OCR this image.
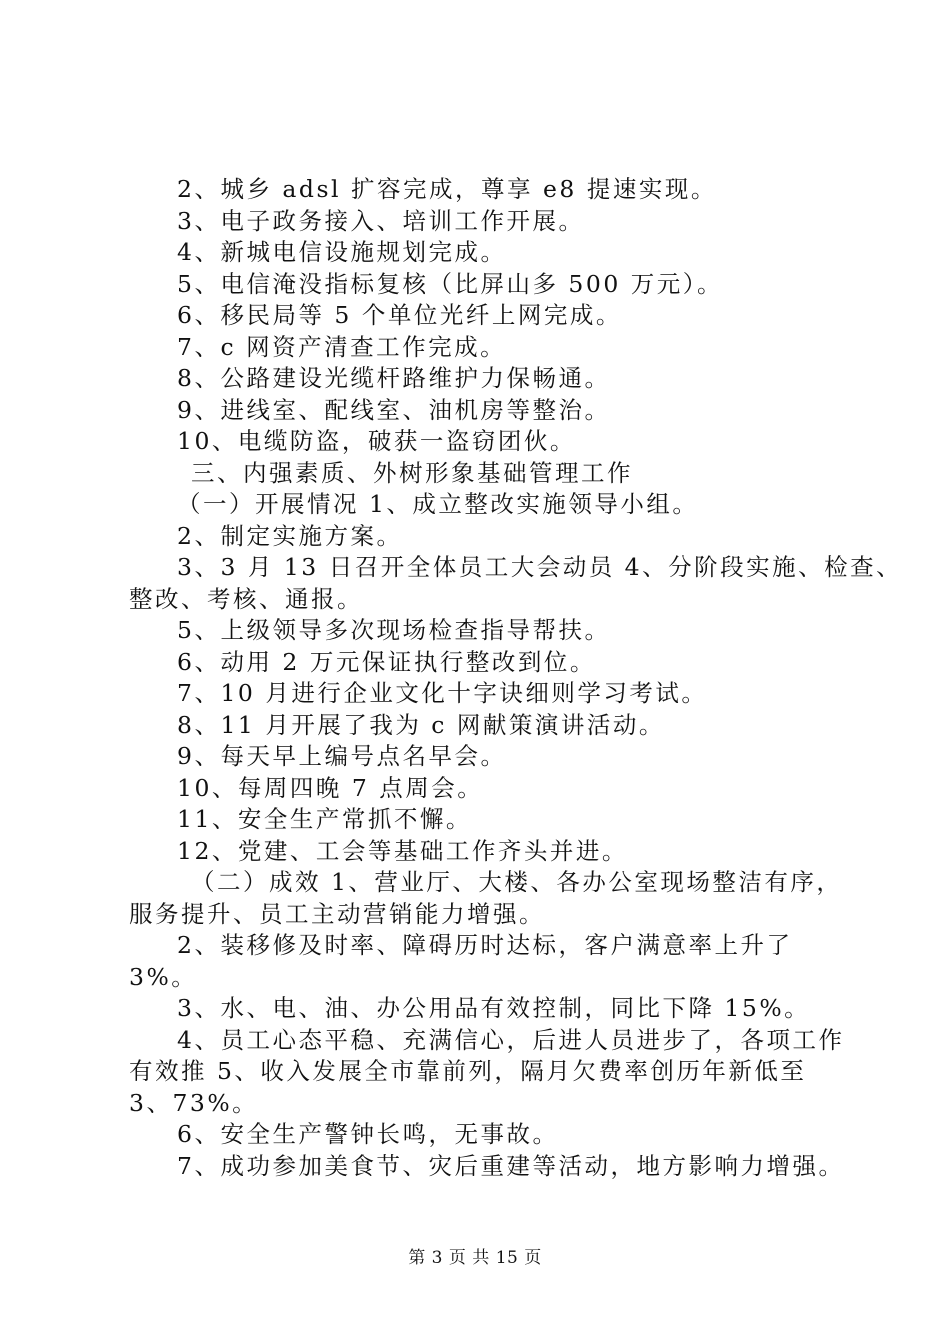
2、城乡 adsl 扩容完成，尊享 e8 提速实现。
3、电子政务接入、培训工作开展。
4、新城电信设施规划完成。
5、电信淹没指标复核（比屏山多 500 万元）。
6、移民局等 5 个单位光纤上网完成。
7、c 网资产清查工作完成。
8、公路建设光缆杆路维护力保畅通。
9、进线室、配线室、油机房等整治。
10、电缆防盗，破获一盗窃团伙。
三、内强素质、外树形象基础管理工作
（一）开展情况 1、成立整改实施领导小组。
2、制定实施方案。
3、3 月 13 日召开全体员工大会动员 4、分阶段实施、检查、
整改、考核、通报。
5、上级领导多次现场检查指导帮扶。
6、动用 2 万元保证执行整改到位。
7、10 月进行企业文化十字诀细则学习考试。
8、11 月开展了我为 c 网献策演讲活动。
9、每天早上编号点名早会。
10、每周四晚 7 点周会。
11、安全生产常抓不懈。
12、党建、工会等基础工作齐头并进。
（二）成效 1、营业厅、大楼、各办公室现场整洁有序，
服务提升、员工主动营销能力增强。
2、装移修及时率、障碍历时达标，客户满意率上升了
3%。
3、水、电、油、办公用品有效控制，同比下降 15%。
4、员工心态平稳、充满信心，后进人员进步了，各项工作
有效推 5、收入发展全市靠前列，隔月欠费率创历年新低至
3、73%。
6、安全生产警钟长鸣，无事故。
7、成功参加美食节、灾后重建等活动，地方影响力增强。
第 3 页 共 15 页
